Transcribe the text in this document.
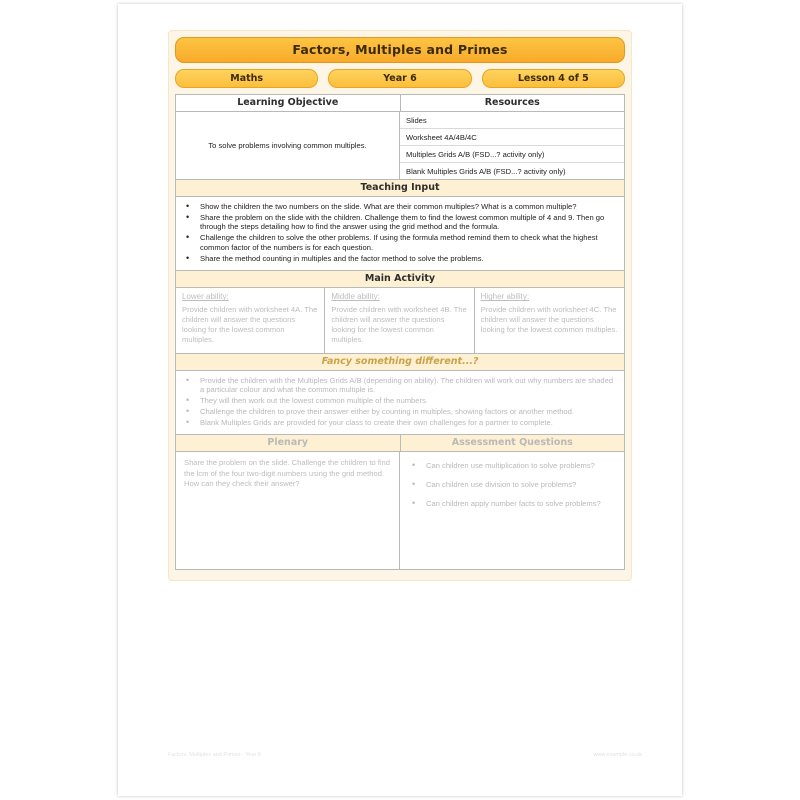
Factors, Multiples and Primes
Maths	Year 6	Lesson 4 of 5
Learning Objective	Resources
To solve problems involving common multiples.
Slides
Worksheet 4A/4B/4C
Multiples Grids A/B (FSD...? activity only)
Blank Multiples Grids A/B (FSD...? activity only)
Teaching Input
• Show the children the two numbers on the slide. What are their common multiples? What is a common multiple?
• Share the problem on the slide with the children. Challenge them to find the lowest common multiple of 4 and 9. Then go through the steps detailing how to find the answer using the grid method and the formula.
• Challenge the children to solve the other problems. If using the formula method remind them to check what the highest common factor of the numbers is for each question.
• Share the method counting in multiples and the factor method to solve the problems.
Main Activity
Lower ability:
Provide children with worksheet 4A. The children will answer the questions looking for the lowest common multiples.
Middle ability:
Provide children with worksheet 4B. The children will answer the questions looking for the lowest common multiples.
Higher ability:
Provide children with worksheet 4C. The children will answer the questions looking for the lowest common multiples.
Fancy something different...?
• Provide the children with the Multiples Grids A/B (depending on ability). The children will work out why numbers are shaded a particular colour and what the common multiple is.
• They will then work out the lowest common multiple of the numbers.
• Challenge the children to prove their answer either by counting in multiples, showing factors or another method.
• Blank Multiples Grids are provided for your class to create their own challenges for a partner to complete.
Plenary	Assessment Questions
Share the problem on the slide. Challenge the children to find the lcm of the four two-digit numbers using the grid method. How can they check their answer?
• Can children use multiplication to solve problems?
• Can children use division to solve problems?
• Can children apply number facts to solve problems?
Factors, Multiples and Primes - Year 6	www.example.co.uk
